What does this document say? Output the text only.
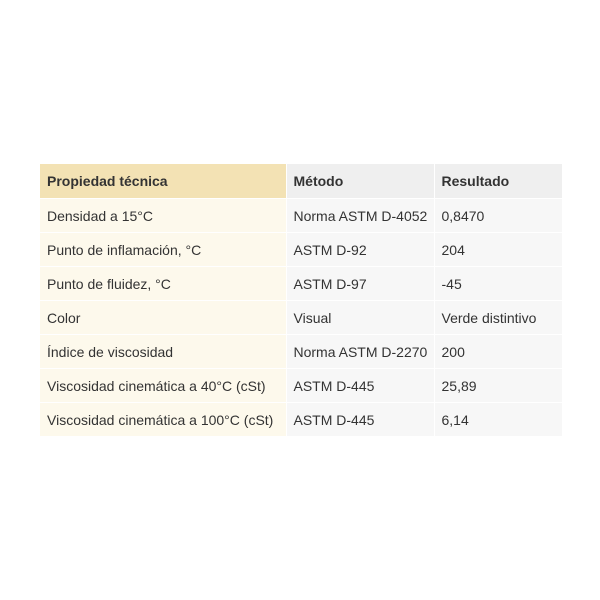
Propiedad técnica	Método	Resultado
Densidad a 15°C	Norma ASTM D-4052	0,8470
Punto de inflamación, °C	ASTM D-92	204
Punto de fluidez, °C	ASTM D-97	-45
Color	Visual	Verde distintivo
Índice de viscosidad	Norma ASTM D-2270	200
Viscosidad cinemática a 40°C (cSt)	ASTM D-445	25,89
Viscosidad cinemática a 100°C (cSt)	ASTM D-445	6,14
